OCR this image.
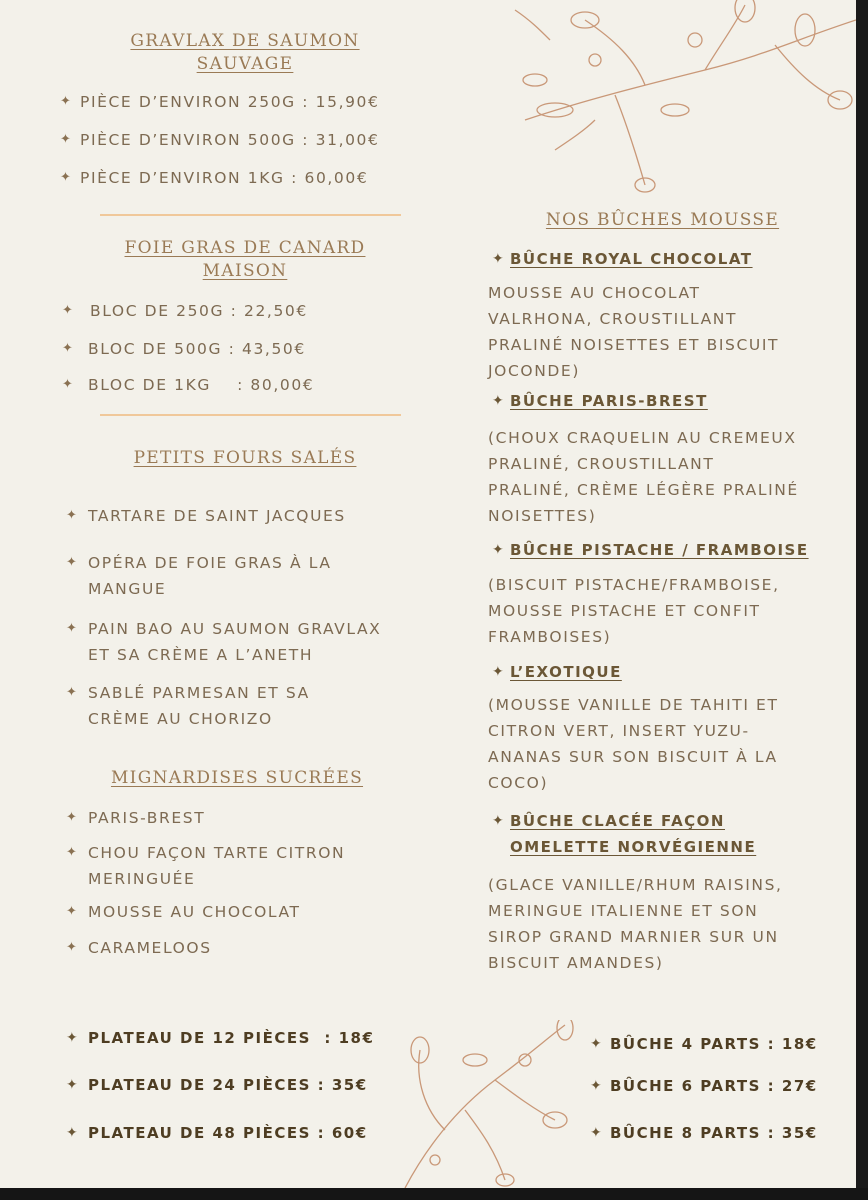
GRAVLAX DE SAUMON
SAUVAGE
✦ PIÈCE D’ENVIRON 250G : 15,90€
✦ PIÈCE D’ENVIRON 500G : 31,00€
✦ PIÈCE D’ENVIRON 1KG : 60,00€
FOIE GRAS DE CANARD
MAISON
✦ BLOC DE 250G : 22,50€
✦ BLOC DE 500G : 43,50€
✦ BLOC DE 1KG    : 80,00€
PETITS FOURS SALÉS
✦ TARTARE DE SAINT JACQUES
✦ OPÉRA DE FOIE GRAS À LA
MANGUE
✦ PAIN BAO AU SAUMON GRAVLAX
ET SA CRÈME A L’ANETH
✦ SABLÉ PARMESAN ET SA
CRÈME AU CHORIZO
MIGNARDISES SUCRÉES
✦ PARIS-BREST
✦ CHOU FAÇON TARTE CITRON
MERINGUÉE
✦ MOUSSE AU CHOCOLAT
✦ CARAMELOOS
NOS BÛCHES MOUSSE
✦ BÛCHE ROYAL CHOCOLAT
MOUSSE AU CHOCOLAT
VALRHONA, CROUSTILLANT
PRALINÉ NOISETTES ET BISCUIT
JOCONDE)
✦ BÛCHE PARIS-BREST
(CHOUX CRAQUELIN AU CREMEUX
PRALINÉ, CROUSTILLANT
PRALINÉ, CRÈME LÉGÈRE PRALINÉ
NOISETTES)
✦ BÛCHE PISTACHE / FRAMBOISE
(BISCUIT PISTACHE/FRAMBOISE,
MOUSSE PISTACHE ET CONFIT
FRAMBOISES)
✦ L’EXOTIQUE
(MOUSSE VANILLE DE TAHITI ET
CITRON VERT, INSERT YUZU-
ANANAS SUR SON BISCUIT À LA
COCO)
✦ BÛCHE CLACÉE FAÇON
OMELETTE NORVÉGIENNE
(GLACE VANILLE/RHUM RAISINS,
MERINGUE ITALIENNE ET SON
SIROP GRAND MARNIER SUR UN
BISCUIT AMANDES)
✦ PLATEAU DE 12 PIÈCES  : 18€
✦ PLATEAU DE 24 PIÈCES : 35€
✦ PLATEAU DE 48 PIÈCES : 60€
✦ BÛCHE 4 PARTS : 18€
✦ BÛCHE 6 PARTS : 27€
✦ BÛCHE 8 PARTS : 35€
